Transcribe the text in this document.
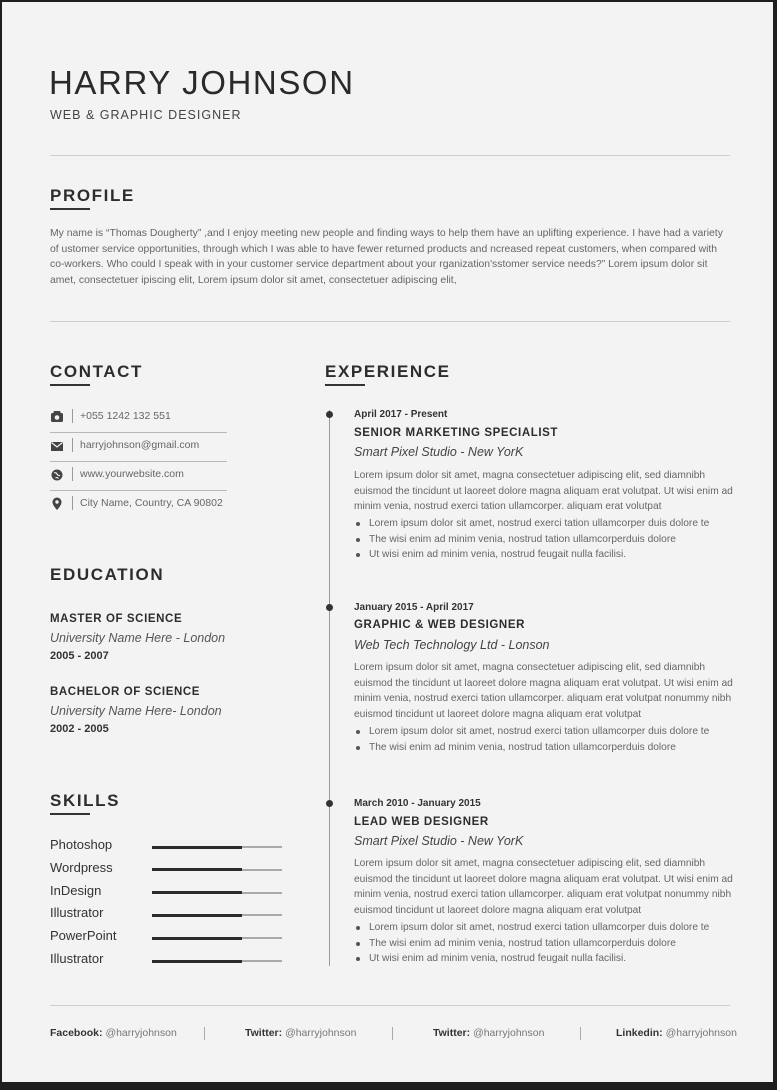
HARRY JOHNSON
WEB & GRAPHIC DESIGNER
PROFILE
My name is “Thomas Dougherty” ,and I enjoy meeting new people and finding ways to help them have an uplifting experience. I have had a variety of ustomer service opportunities, through which I was able to have fewer returned products and ncreased repeat customers, when compared with co-workers. Who could I speak with in your customer service department about your rganization'sstomer service needs?” Lorem ipsum dolor sit amet, consectetuer ipiscing elit, Lorem ipsum dolor sit amet, consectetuer adipiscing elit,
CONTACT
+055 1242 132 551
harryjohnson@gmail.com
www.yourwebsite.com
City Name, Country, CA 90802
EDUCATION
MASTER OF SCIENCE
University Name Here - London
2005 - 2007
BACHELOR OF SCIENCE
University Name Here- London
2002 - 2005
SKILLS
EXPERIENCE
April 2017 - Present
SENIOR MARKETING SPECIALIST
Smart Pixel Studio - New YorK
Lorem ipsum dolor sit amet, magna consectetuer adipiscing elit, sed diamnibh euismod the tincidunt ut laoreet dolore magna aliquam erat volutpat. Ut wisi enim ad minim venia, nostrud exerci tation ullamcorper. aliquam erat volutpat
Lorem ipsum dolor sit amet, nostrud exerci tation ullamcorper duis dolore te
The wisi enim ad minim venia, nostrud tation ullamcorperduis dolore
Ut wisi enim ad minim venia, nostrud feugait nulla facilisi.
January 2015 - April 2017
GRAPHIC & WEB DESIGNER
Web Tech Technology Ltd - Lonson
Lorem ipsum dolor sit amet, magna consectetuer adipiscing elit, sed diamnibh euismod the tincidunt ut laoreet dolore magna aliquam erat volutpat. Ut wisi enim ad minim venia, nostrud exerci tation ullamcorper. aliquam erat volutpat nonummy nibh euismod tincidunt ut laoreet dolore magna aliquam erat volutpat
Lorem ipsum dolor sit amet, nostrud exerci tation ullamcorper duis dolore te
The wisi enim ad minim venia, nostrud tation ullamcorperduis dolore
March 2010 - January 2015
LEAD WEB DESIGNER
Smart Pixel Studio - New YorK
Lorem ipsum dolor sit amet, magna consectetuer adipiscing elit, sed diamnibh euismod the tincidunt ut laoreet dolore magna aliquam erat volutpat. Ut wisi enim ad minim venia, nostrud exerci tation ullamcorper. aliquam erat volutpat nonummy nibh euismod tincidunt ut laoreet dolore magna aliquam erat volutpat
Lorem ipsum dolor sit amet, nostrud exerci tation ullamcorper duis dolore te
The wisi enim ad minim venia, nostrud tation ullamcorperduis dolore
Ut wisi enim ad minim venia, nostrud feugait nulla facilisi.
Facebook: @harryjohnson	Twitter: @harryjohnson	Twitter: @harryjohnson	Linkedin: @harryjohnson
Photoshop
Wordpress
InDesign
Illustrator
PowerPoint
Illustrator
